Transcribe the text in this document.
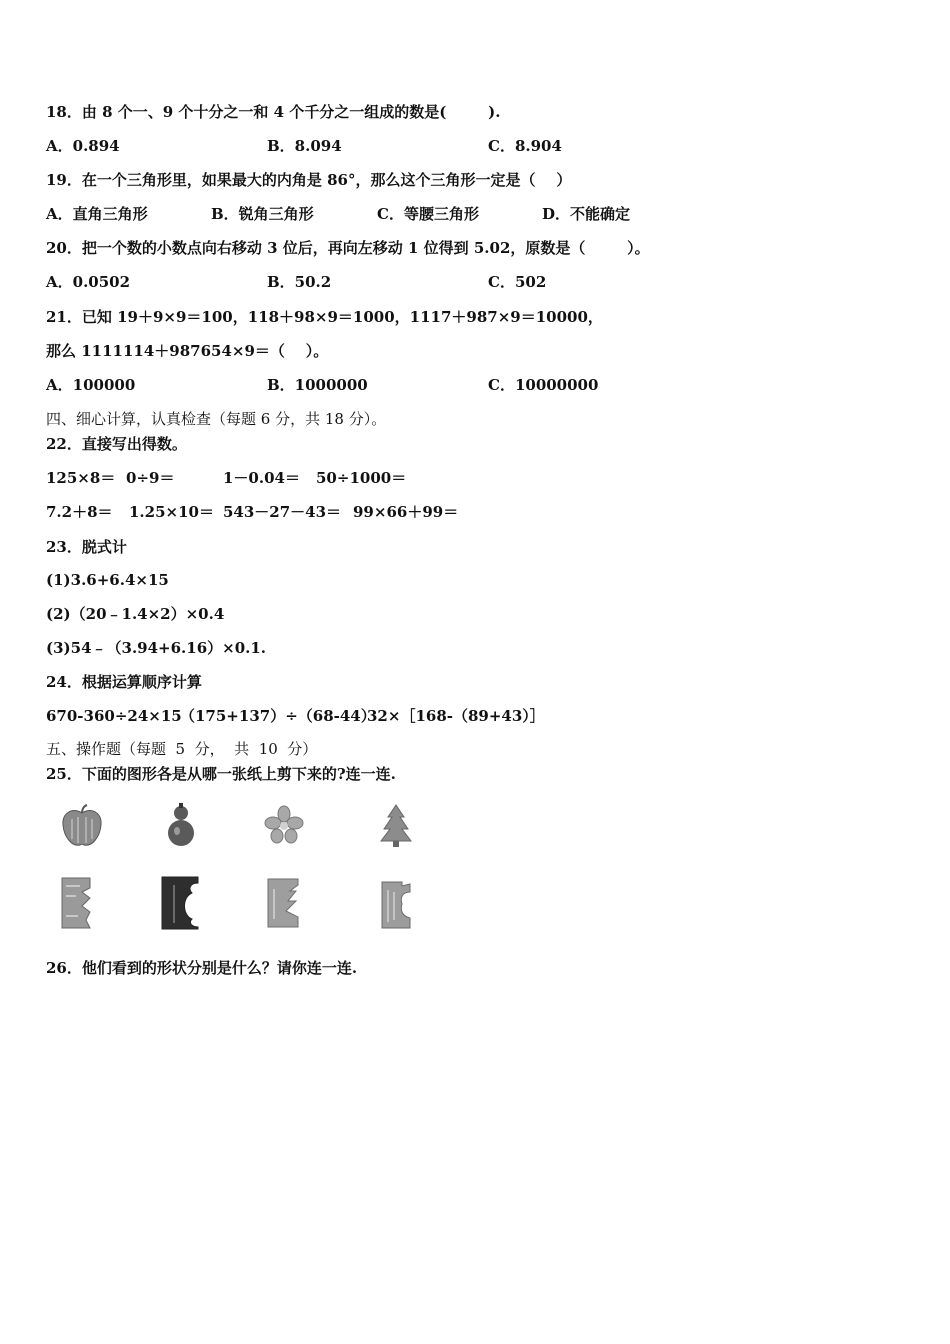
18．由 8 个一、9 个十分之一和 4 个千分之一组成的数是(        ).
A．0.894	B．8.094	C．8.904
19．在一个三角形里，如果最大的内角是 86°，那么这个三角形一定是（    ）
A．直角三角形	B．锐角三角形	C．等腰三角形	D．不能确定
20．把一个数的小数点向右移动 3 位后，再向左移动 1 位得到 5.02，原数是（        ）。
A．0.0502	B．50.2	C．502
21．已知 19＋9×9＝100，118＋98×9＝1000，1117＋987×9＝10000，
那么 1111114＋987654×9＝（    ）。
A．100000	B．1000000	C．10000000
四、细心计算，认真检查（每题 6 分，共 18 分）。
22．直接写出得数。
125×8＝ 0÷9＝	1－0.04＝ 50÷1000＝
7.2＋8＝ 1.25×10＝ 543－27－43＝ 99×66＋99＝
23．脱式计
(1)3.6+6.4×15
(2)（20﹣1.4×2）×0.4
(3)54﹣（3.94+6.16）×0.1.
24．根据运算顺序计算
670-360÷24×15
（175+137）÷（68-44）
32×［168-（89+43）］
五、操作题（每题  5  分，  共  10  分）
25．下面的图形各是从哪一张纸上剪下来的?连一连.
26．他们看到的形状分别是什么？请你连一连.
